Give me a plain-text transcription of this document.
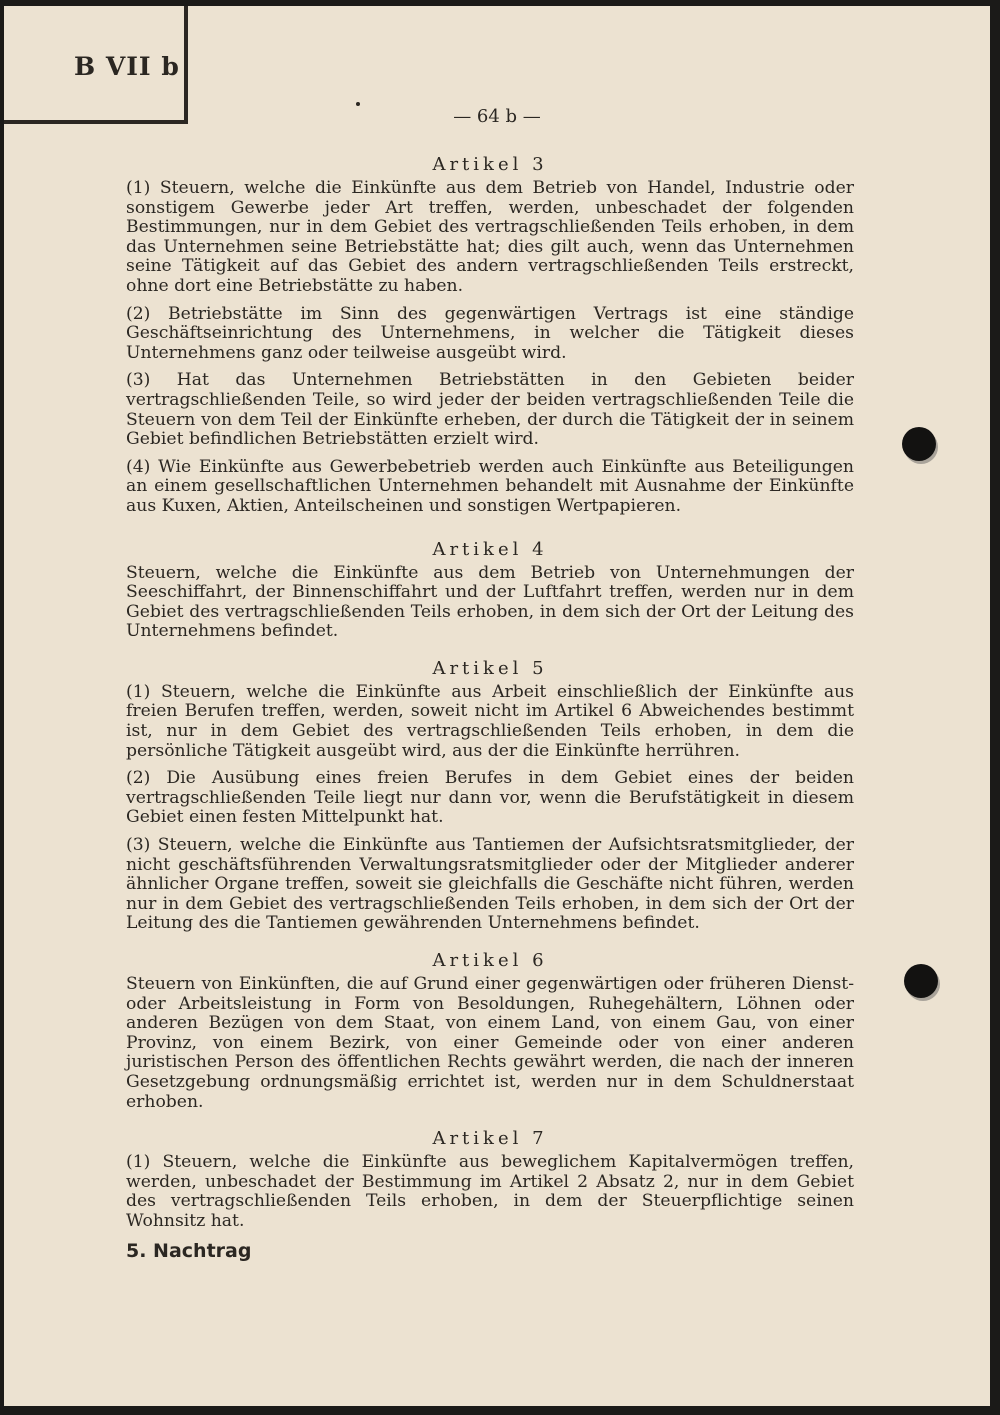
B VII b
— 64 b —
Artikel 3

(1) Steuern, welche die Einkünfte aus dem Betrieb von Handel, Industrie oder sonstigem Gewerbe jeder Art treffen, werden, unbeschadet der folgenden Bestimmungen, nur in dem Gebiet des vertragschließenden Teils erhoben, in dem das Unternehmen seine Betriebstätte hat; dies gilt auch, wenn das Unternehmen seine Tätigkeit auf das Gebiet des andern vertragschließenden Teils erstreckt, ohne dort eine Betriebstätte zu haben.

(2) Betriebstätte im Sinn des gegenwärtigen Vertrags ist eine ständige Geschäftseinrichtung des Unternehmens, in welcher die Tätigkeit dieses Unternehmens ganz oder teilweise ausgeübt wird.

(3) Hat das Unternehmen Betriebstätten in den Gebieten beider vertragschließenden Teile, so wird jeder der beiden vertragschließenden Teile die Steuern von dem Teil der Einkünfte erheben, der durch die Tätigkeit der in seinem Gebiet befindlichen Betriebstätten erzielt wird.

(4) Wie Einkünfte aus Gewerbebetrieb werden auch Einkünfte aus Beteiligungen an einem gesellschaftlichen Unternehmen behandelt mit Ausnahme der Einkünfte aus Kuxen, Aktien, Anteilscheinen und sonstigen Wertpapieren.

Artikel 4

Steuern, welche die Einkünfte aus dem Betrieb von Unternehmungen der Seeschiffahrt, der Binnenschiffahrt und der Luftfahrt treffen, werden nur in dem Gebiet des vertragschließenden Teils erhoben, in dem sich der Ort der Leitung des Unternehmens befindet.

Artikel 5

(1) Steuern, welche die Einkünfte aus Arbeit einschließlich der Einkünfte aus freien Berufen treffen, werden, soweit nicht im Artikel 6 Abweichendes bestimmt ist, nur in dem Gebiet des vertragschließenden Teils erhoben, in dem die persönliche Tätigkeit ausgeübt wird, aus der die Einkünfte herrühren.

(2) Die Ausübung eines freien Berufes in dem Gebiet eines der beiden vertragschließenden Teile liegt nur dann vor, wenn die Berufstätigkeit in diesem Gebiet einen festen Mittelpunkt hat.

(3) Steuern, welche die Einkünfte aus Tantiemen der Aufsichtsratsmitglieder, der nicht geschäftsführenden Verwaltungsratsmitglieder oder der Mitglieder anderer ähnlicher Organe treffen, soweit sie gleichfalls die Geschäfte nicht führen, werden nur in dem Gebiet des vertragschließenden Teils erhoben, in dem sich der Ort der Leitung des die Tantiemen gewährenden Unternehmens befindet.

Artikel 6

Steuern von Einkünften, die auf Grund einer gegenwärtigen oder früheren Dienst- oder Arbeitsleistung in Form von Besoldungen, Ruhegehältern, Löhnen oder anderen Bezügen von dem Staat, von einem Land, von einem Gau, von einer Provinz, von einem Bezirk, von einer Gemeinde oder von einer anderen juristischen Person des öffentlichen Rechts gewährt werden, die nach der inneren Gesetzgebung ordnungsmäßig errichtet ist, werden nur in dem Schuldnerstaat erhoben.

Artikel 7

(1) Steuern, welche die Einkünfte aus beweglichem Kapitalvermögen treffen, werden, unbeschadet der Bestimmung im Artikel 2 Absatz 2, nur in dem Gebiet des vertragschließenden Teils erhoben, in dem der Steuerpflichtige seinen Wohnsitz hat.

5. Nachtrag
